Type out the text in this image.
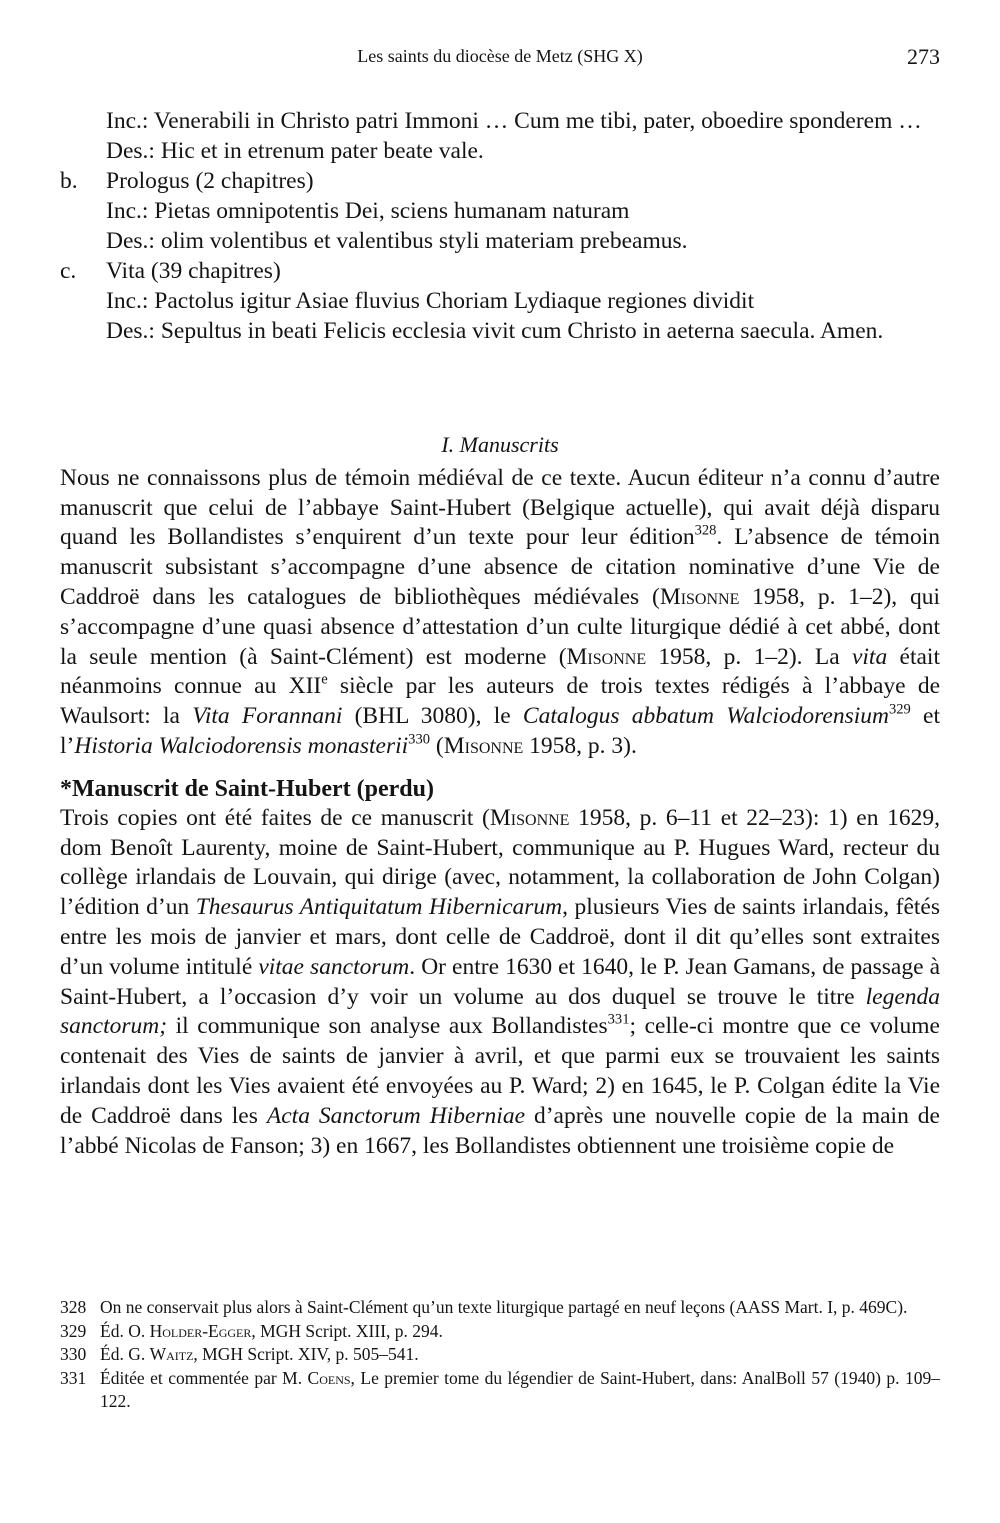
Les saints du diocèse de Metz (SHG X)	273
Inc.: Venerabili in Christo patri Immoni … Cum me tibi, pater, oboedire sponderem …
Des.: Hic et in etrenum pater beate vale.
b.	Prologus (2 chapitres)
Inc.: Pietas omnipotentis Dei, sciens humanam naturam
Des.: olim volentibus et valentibus styli materiam prebeamus.
c.	Vita (39 chapitres)
Inc.: Pactolus igitur Asiae fluvius Choriam Lydiaque regiones dividit
Des.: Sepultus in beati Felicis ecclesia vivit cum Christo in aeterna saecula. Amen.
I. Manuscrits

Nous ne connaissons plus de témoin médiéval de ce texte. Aucun éditeur n’a connu d’autre manuscrit que celui de l’abbaye Saint-Hubert (Belgique actuelle), qui avait déjà disparu quand les Bollandistes s’enquirent d’un texte pour leur édition$^{328}$. L’absence de témoin manuscrit subsistant s’accompagne d’une absence de citation nominative d’une Vie de Caddroë dans les catalogues de bibliothèques médiévales (Misonne 1958, p. 1–2), qui s’accompagne d’une quasi absence d’attestation d’un culte liturgique dédié à cet abbé, dont la seule mention (à Saint-Clément) est moderne (Misonne 1958, p. 1–2). La vita était néanmoins connue au XIIe siècle par les auteurs de trois textes rédigés à l’abbaye de Waulsort: la Vita Forannani (BHL 3080), le Catalogus abbatum Walciodorensium$^{329}$ et l’Historia Walciodorensis monasterii$^{330}$ (Misonne 1958, p. 3).

*Manuscrit de Saint-Hubert (perdu)

Trois copies ont été faites de ce manuscrit (Misonne 1958, p. 6–11 et 22–23): 1) en 1629, dom Benoît Laurenty, moine de Saint-Hubert, communique au P. Hugues Ward, recteur du collège irlandais de Louvain, qui dirige (avec, notamment, la collaboration de John Colgan) l’édition d’un Thesaurus Antiquitatum Hibernicarum, plusieurs Vies de saints irlandais, fêtés entre les mois de janvier et mars, dont celle de Caddroë, dont il dit qu’elles sont extraites d’un volume intitulé vitae sanctorum. Or entre 1630 et 1640, le P. Jean Gamans, de passage à Saint-Hubert, a l’occasion d’y voir un volume au dos duquel se trouve le titre legenda sanctorum; il communique son analyse aux Bollandistes$^{331}$; celle-ci montre que ce volume contenait des Vies de saints de janvier à avril, et que parmi eux se trouvaient les saints irlandais dont les Vies avaient été envoyées au P. Ward; 2) en 1645, le P. Colgan édite la Vie de Caddroë dans les Acta Sanctorum Hiberniae d’après une nouvelle copie de la main de l’abbé Nicolas de Fanson; 3) en 1667, les Bollandistes obtiennent une troisième copie de

328 On ne conservait plus alors à Saint-Clément qu’un texte liturgique partagé en neuf leçons (AASS Mart. I, p. 469C).
329 Éd. O. Holder-Egger, MGH Script. XIII, p. 294.
330 Éd. G. Waitz, MGH Script. XIV, p. 505–541.
331 Éditée et commentée par M. Coens, Le premier tome du légendier de Saint-Hubert, dans: AnalBoll 57 (1940) p. 109–122.
